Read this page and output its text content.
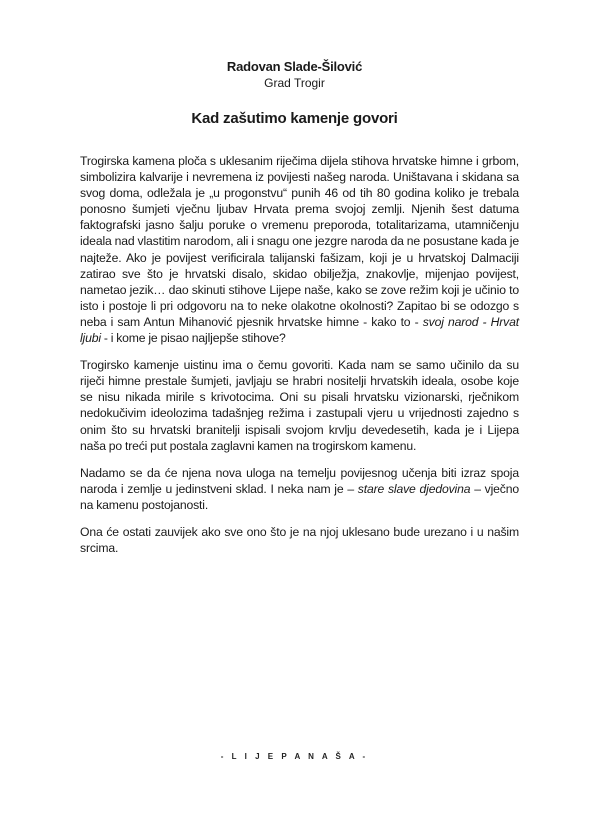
Radovan Slade-Šilović
Grad Trogir
Kad zašutimo kamenje govori

Trogirska kamena ploča s uklesanim riječima dijela stihova hrvatske himne i grbom, simbolizira kalvarije i nevremena iz povijesti našeg naroda. Uništavana i skidana sa svog doma, odležala je „u progonstvu“ punih 46 od tih 80 godina koliko je trebala ponosno šumjeti vječnu ljubav Hrvata prema svojoj zemlji. Njenih šest datuma faktografski jasno šalju poruke o vremenu preporoda, totalitarizama, utamničenju ideala nad vlastitim narodom, ali i snagu one jezgre naroda da ne posustane kada je najteže. Ako je povijest verificirala talijanski fašizam, koji je u hrvatskoj Dalmaciji zatirao sve što je hrvatski disalo, skidao obilježja, znakovlje, mijenjao povijest, nametao jezik… dao skinuti stihove Lijepe naše, kako se zove režim koji je učinio to isto i postoje li pri odgovoru na to neke olakotne okolnosti? Zapitao bi se odozgo s neba i sam Antun Mihanović pjesnik hrvatske himne - kako to - svoj narod - Hrvat ljubi - i kome je pisao najljepše stihove?

Trogirsko kamenje uistinu ima o čemu govoriti. Kada nam se samo učinilo da su riječi himne prestale šumjeti, javljaju se hrabri nositelji hrvatskih ideala, osobe koje se nisu nikada mirile s krivotocima. Oni su pisali hrvatsku vizionarski, rječnikom nedokučivim ideolozima tadašnjeg režima i zastupali vjeru u vrijednosti zajedno s onim što su hrvatski branitelji ispisali svojom krvlju devedesetih, kada je i Lijepa naša po treći put postala zaglavni kamen na trogirskom kamenu.

Nadamo se da će njena nova uloga na temelju povijesnog učenja biti izraz spoja naroda i zemlje u jedinstveni sklad. I neka nam je – stare slave djedovina – vječno na kamenu postojanosti.

Ona će ostati zauvijek ako sve ono što je na njoj uklesano bude urezano i u našim srcima.

- L I J E P A N A Š A -
